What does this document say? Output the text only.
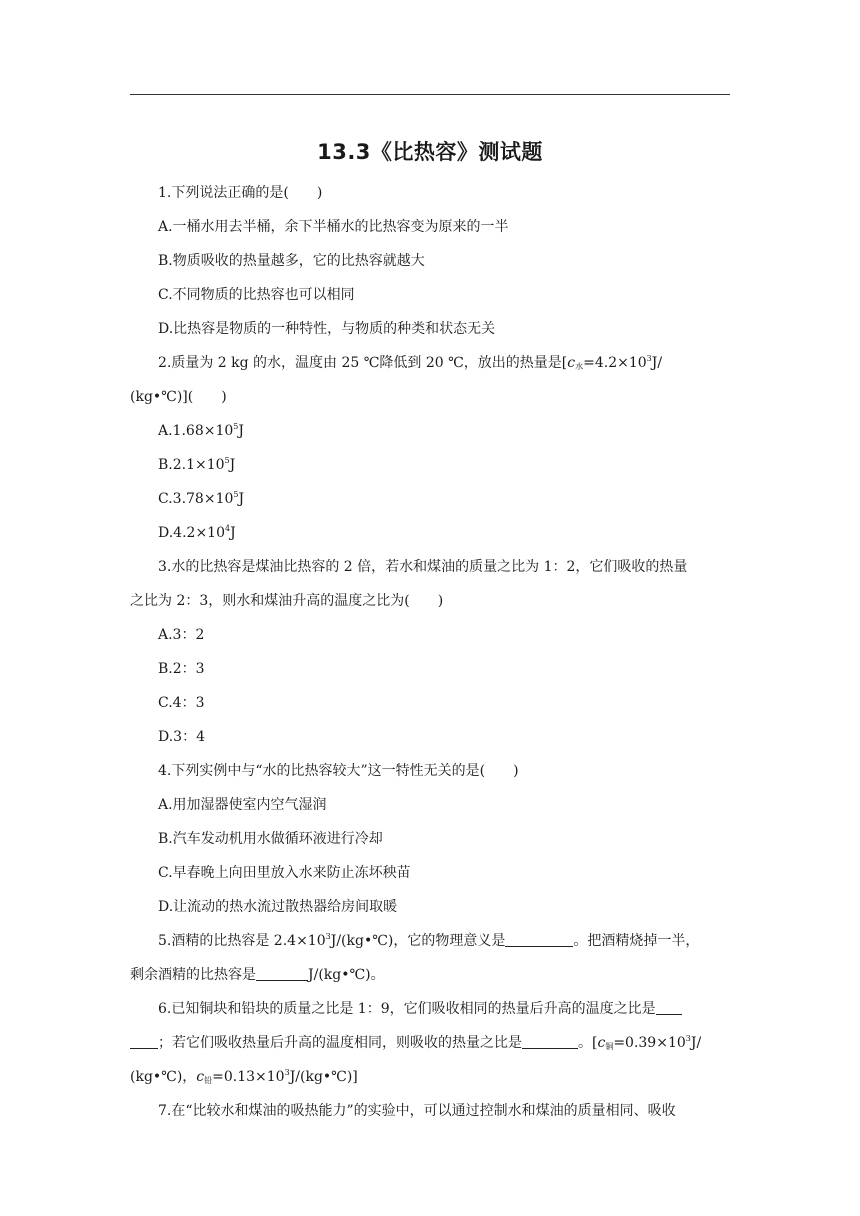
13.3《比热容》测试题

1.下列说法正确的是(　　)

A.一桶水用去半桶，余下半桶水的比热容变为原来的一半

B.物质吸收的热量越多，它的比热容就越大

C.不同物质的比热容也可以相同

D.比热容是物质的一种特性，与物质的种类和状态无关

2.质量为 2 kg 的水，温度由 25 ℃降低到 20 ℃，放出的热量是[$c_水=4.2\times 10^3J/$

(kg•℃)](　　)

$A.1.68\times 10^5J$

$B.2.1\times 10^5J$

$C.3.78\times 10^5J$

$D.4.2\times 10^4J$

3.水的比热容是煤油比热容的 2 倍，若水和煤油的质量之比为 1：2，它们吸收的热量

之比为 2：3，则水和煤油升高的温度之比为(　　)

A.3：2

B.2：3

C.4：3

D.3：4

4.下列实例中与“水的比热容较大”这一特性无关的是(　　)

A.用加湿器使室内空气湿润

B.汽车发动机用水做循环液进行冷却

C.早春晚上向田里放入水来防止冻坏秧苗

D.让流动的热水流过散热器给房间取暖

5.酒精的比热容是 $2.4\times 10^3J/(kg•℃)$，它的物理意义是	。把酒精烧掉一半，

剩余酒精的比热容是	J/(kg•℃)。

6.已知铜块和铅块的质量之比是 1：9，它们吸收相同的热量后升高的温度之比是

；若它们吸收热量后升高的温度相同，则吸收的热量之比是	。[$c_铜=0.39\times 10^3J/$

(kg•℃)，$c_铅=0.13\times 10^3J/(kg•℃)$]

7.在“比较水和煤油的吸热能力”的实验中，可以通过控制水和煤油的质量相同、吸收
